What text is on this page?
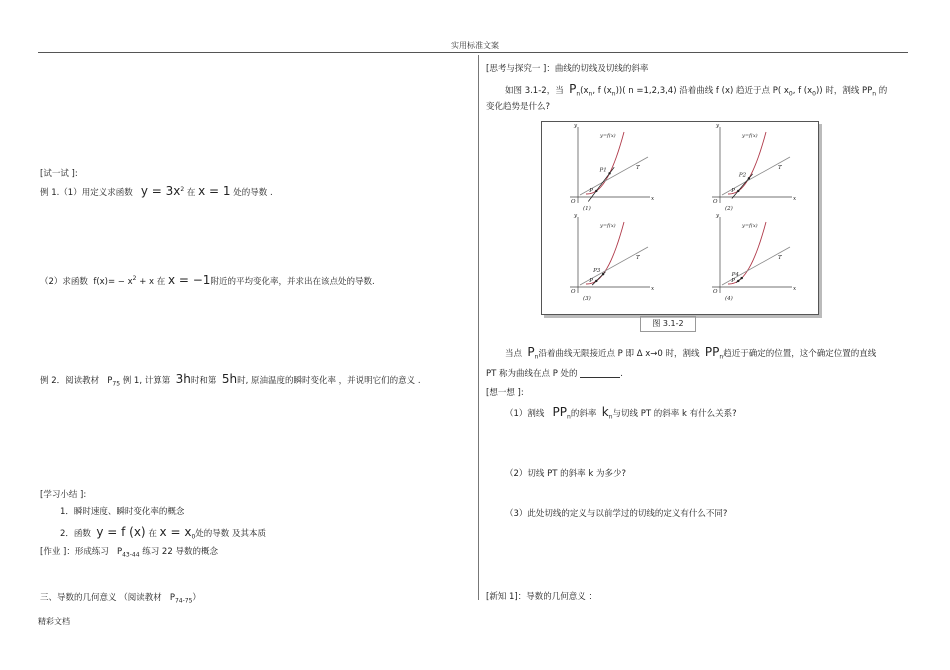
实用标准文案
[试一试 ]:
例 1.（1）用定义求函数 $y = 3x^2$ 在 x = 1 处的导数 .
（2）求函数 $f(x)= - x^2 + x$ 在 x = −1附近的平均变化率，并求出在该点处的导数.
例 2．阅读教材 $P_{75}$ 例 1, 计算第 3h时和第 5h时, 原油温度的瞬时变化率 ，并说明它们的意义 .
[学习小结 ]:
1．瞬时速度、瞬时变化率的概念
2．函数 y = f (x) 在 $x = x_0$处的导数 及其本质
[作业 ]：形成练习 $P_{43-44}$ 练习 22 导数的概念
三、导数的几何意义 （阅读教材 $P_{74-75}$）
[思考与探究一 ]：曲线的切线及切线的斜率
如图 3.1-2，当 $P_n(x_n$, f $(x_n)$)( n =1,2,3,4) 沿着曲线 f (x) 趋近于点 P( $x_0$, f $(x_0)$) 时，割线 $PP_n$ 的
变化趋势是什么?
x
y
O
T
P
P1
y=f(x)
(1)
x
y
O
T
P
P2
y=f(x)
(2)
x
y
O
T
P
P3
y=f(x)
(3)
x
y
O
T
P
P4
y=f(x)
(4)
图 3.1-2
当点 $P_n$沿着曲线无限接近点 P 即 Δ x→0 时，割线 $PP_n$趋近于确定的位置，这个确定位置的直线
PT 称为曲线在点 P 处的	.
[想一想 ]:
（1）割线 $PP_n$的斜率 $k_n$与切线 PT 的斜率 k 有什么关系?
（2）切线 PT 的斜率 k 为多少?
（3）此处切线的定义与以前学过的切线的定义有什么不同?
[新知 1]：导数的几何意义 ：
精彩文档
